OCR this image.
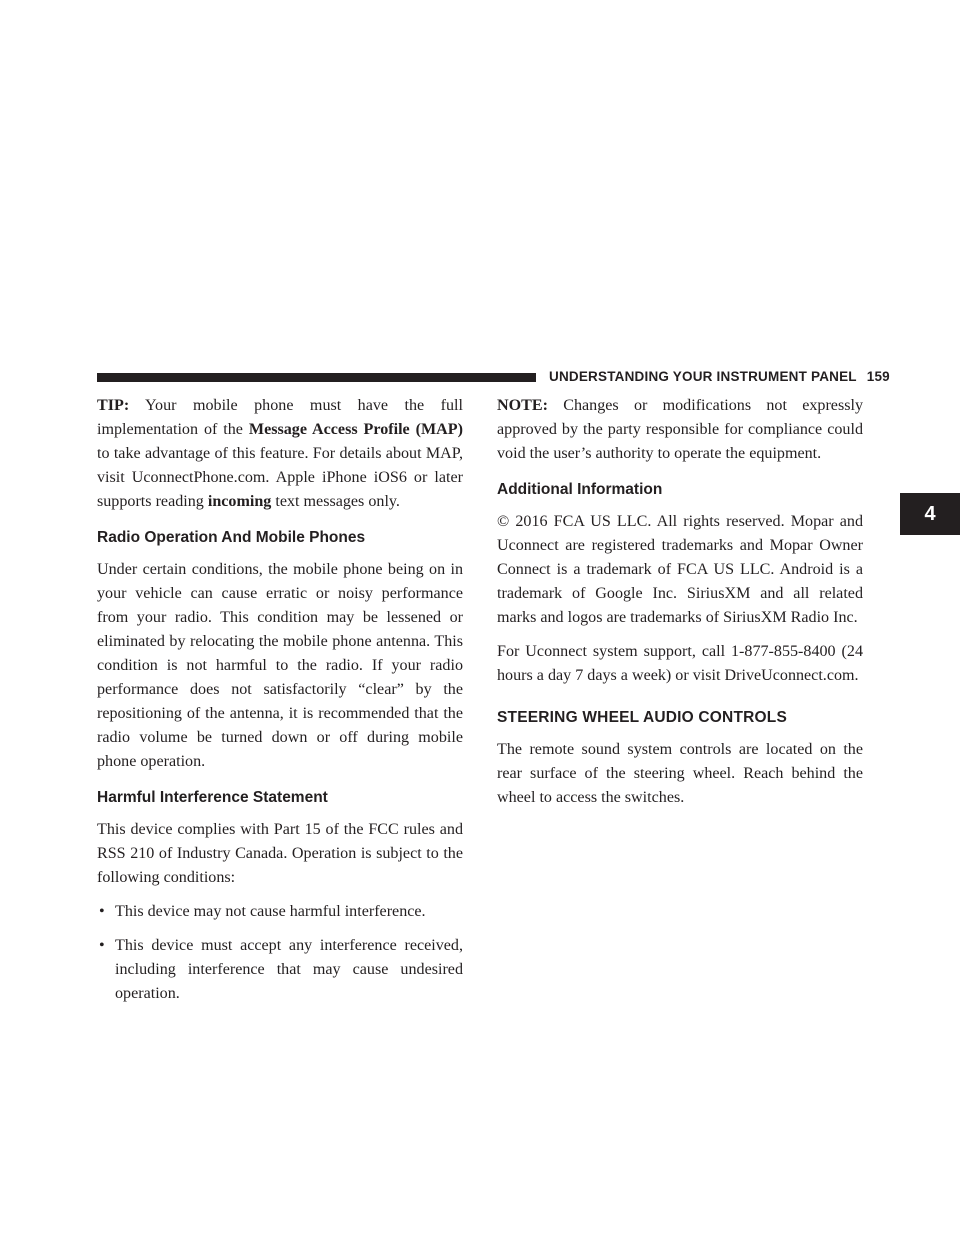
UNDERSTANDING YOUR INSTRUMENT PANEL 159
4

TIP: Your mobile phone must have the full implementation of the Message Access Profile (MAP) to take advantage of this feature. For details about MAP, visit UconnectPhone.com. Apple iPhone iOS6 or later supports reading incoming text messages only.

Radio Operation And Mobile Phones

Under certain conditions, the mobile phone being on in your vehicle can cause erratic or noisy performance from your radio. This condition may be lessened or eliminated by relocating the mobile phone antenna. This condition is not harmful to the radio. If your radio performance does not satisfactorily “clear” by the repositioning of the antenna, it is recommended that the radio volume be turned down or off during mobile phone operation.

Harmful Interference Statement

This device complies with Part 15 of the FCC rules and RSS 210 of Industry Canada. Operation is subject to the following conditions:

• This device may not cause harmful interference.
• This device must accept any interference received, including interference that may cause undesired operation.

NOTE: Changes or modifications not expressly approved by the party responsible for compliance could void the user’s authority to operate the equipment.

Additional Information

© 2016 FCA US LLC. All rights reserved. Mopar and Uconnect are registered trademarks and Mopar Owner Connect is a trademark of FCA US LLC. Android is a trademark of Google Inc. SiriusXM and all related marks and logos are trademarks of SiriusXM Radio Inc.

For Uconnect system support, call 1-877-855-8400 (24 hours a day 7 days a week) or visit DriveUconnect.com.

STEERING WHEEL AUDIO CONTROLS

The remote sound system controls are located on the rear surface of the steering wheel. Reach behind the wheel to access the switches.
